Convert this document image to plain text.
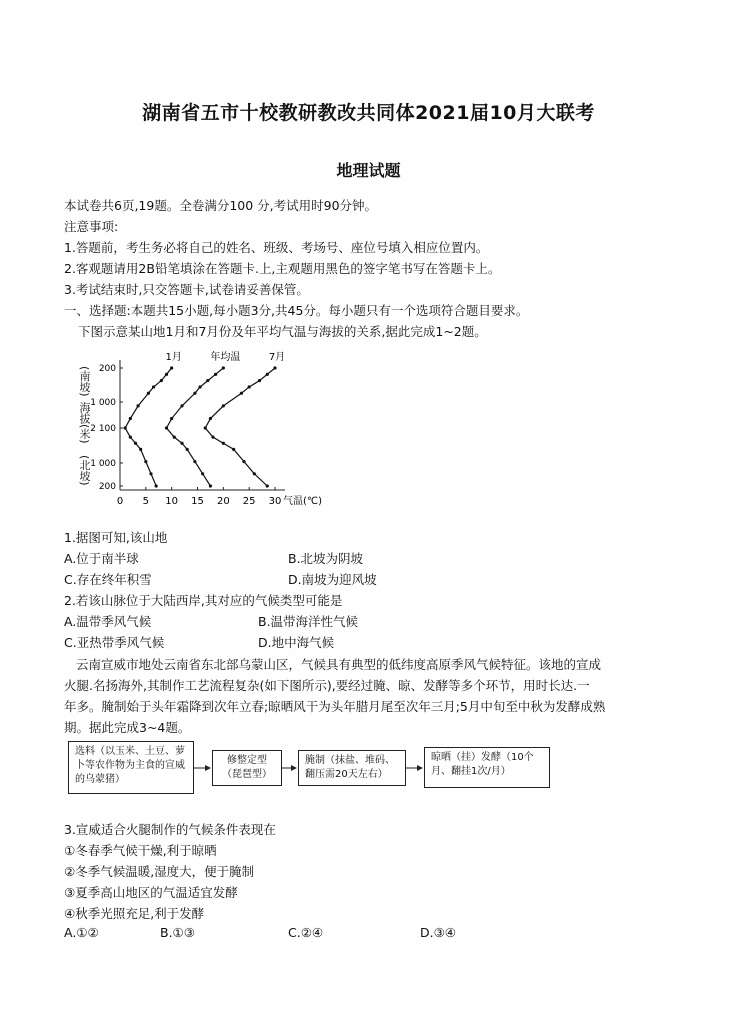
湖南省五市十校教研教改共同体2021届10月大联考
地理试题
本试卷共6页,19题。全卷满分100 分,考试用时90分钟。
注意事项:
1.答题前，考生务必将自己的姓名、班级、考场号、座位号填入相应位置内。
2.客观题请用2B铅笔填涂在答题卡.上,主观题用黑色的签字笔书写在答题卡上。
3.考试结束时,只交答题卡,试卷请妥善保管。
一、选择题:本题共15小题,每小题3分,共45分。每小题只有一个选项符合题目要求。
下图示意某山地1月和7月份及年平均气温与海拔的关系,据此完成1~2题。
200
1 000
2 100
1 000
200
0 5 10 15 20 25 30 气温(℃)
1月	年均温	7月
(南坡)
海拔(米)
(北坡)
1.据图可知,该山地
A.位于南半球	B.北坡为阴坡
C.存在终年积雪	D.南坡为迎风坡
2.若该山脉位于大陆西岸,其对应的气候类型可能是
A.温带季风气候	B.温带海洋性气候
C.亚热带季风气候	D.地中海气候
云南宣威市地处云南省东北部乌蒙山区，气候具有典型的低纬度高原季风气候特征。该地的宣成
火腿.名扬海外,其制作工艺流程复杂(如下图所示),要经过腌、晾、发酵等多个环节，用时长达.一
年多。腌制始于头年霜降到次年立春;晾晒风干为头年腊月尾至次年三月;5月中旬至中秋为发酵成熟
期。据此完成3~4题。
选料（以玉米、土豆、萝卜等农作物为主食的宣威的乌蒙猪）
修整定型（琵琶型）
腌制（抹盐、堆码、翻压需20天左右）
晾晒（挂）发酵（10个月、翻挂1次/月）
3.宣威适合火腿制作的气候条件表现在
①冬春季气候干燥,利于晾晒
②冬季气候温暖,湿度大，便于腌制
③夏季高山地区的气温适宜发酵
④秋季光照充足,利于发酵
A.①②	B.①③	C.②④	D.③④
